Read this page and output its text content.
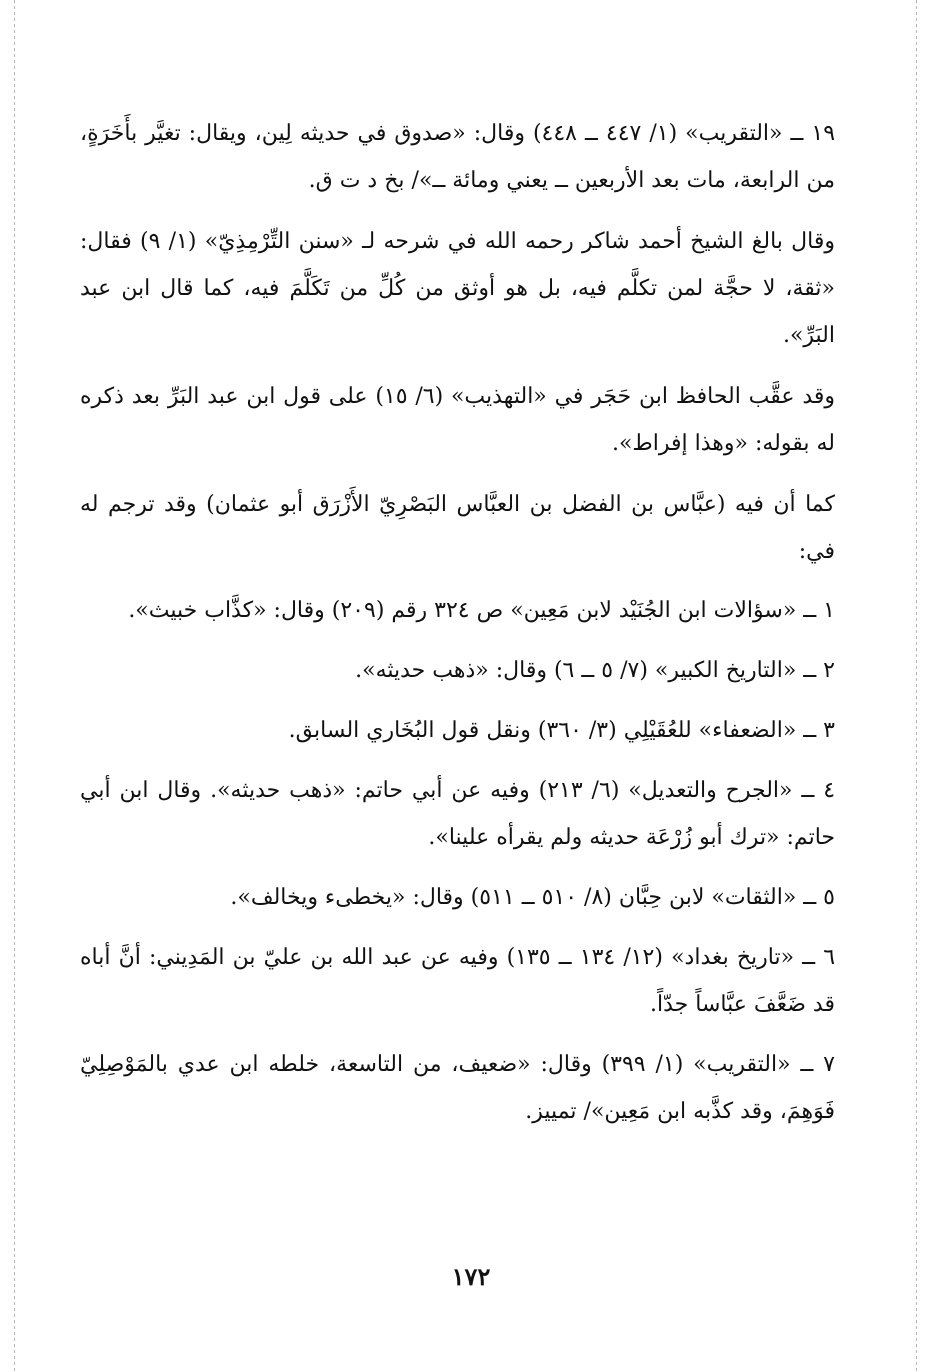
١٩ ــ «التقريب» (١/ ٤٤٧ ــ ٤٤٨) وقال: «صدوق في حديثه لِين، ويقال: تغيَّر بأَخَرَةٍ، من الرابعة، مات بعد الأربعين ــ يعني ومائة ــ»/ بخ د ت ق.

وقال بالغ الشيخ أحمد شاكر رحمه الله في شرحه لـ «سنن التِّرْمِذِيّ» (١/ ٩) فقال: «ثقة، لا حجَّة لمن تكلَّم فيه، بل هو أوثق من كُلِّ من تَكَلَّمَ فيه، كما قال ابن عبد البَرِّ».

وقد عقَّب الحافظ ابن حَجَر في «التهذيب» (٦/ ١٥) على قول ابن عبد البَرِّ بعد ذكره له بقوله: «وهذا إفراط».

كما أن فيه (عبَّاس بن الفضل بن العبَّاس البَصْرِيّ الأَزْرَق أبو عثمان) وقد ترجم له في:

١ ــ «سؤالات ابن الجُنَيْد لابن مَعِين» ص ٣٢٤ رقم (٢٠٩) وقال: «كذَّاب خبيث».

٢ ــ «التاريخ الكبير» (٧/ ٥ ــ ٦) وقال: «ذهب حديثه».

٣ ــ «الضعفاء» للعُقَيْلِي (٣/ ٣٦٠) ونقل قول البُخَاري السابق.

٤ ــ «الجرح والتعديل» (٦/ ٢١٣) وفيه عن أبي حاتم: «ذهب حديثه». وقال ابن أبي حاتم: «ترك أبو زُرْعَة حديثه ولم يقرأه علينا».

٥ ــ «الثقات» لابن حِبَّان (٨/ ٥١٠ ــ ٥١١) وقال: «يخطىء ويخالف».

٦ ــ «تاريخ بغداد» (١٢/ ١٣٤ ــ ١٣٥) وفيه عن عبد الله بن عليّ بن المَدِيني: أنَّ أباه قد ضَعَّفَ عبَّاساً جدّاً.

٧ ــ «التقريب» (١/ ٣٩٩) وقال: «ضعيف، من التاسعة، خلطه ابن عدي بالمَوْصِلِيّ فَوَهِمَ، وقد كذَّبه ابن مَعِين»/ تمييز.

١٧٢
